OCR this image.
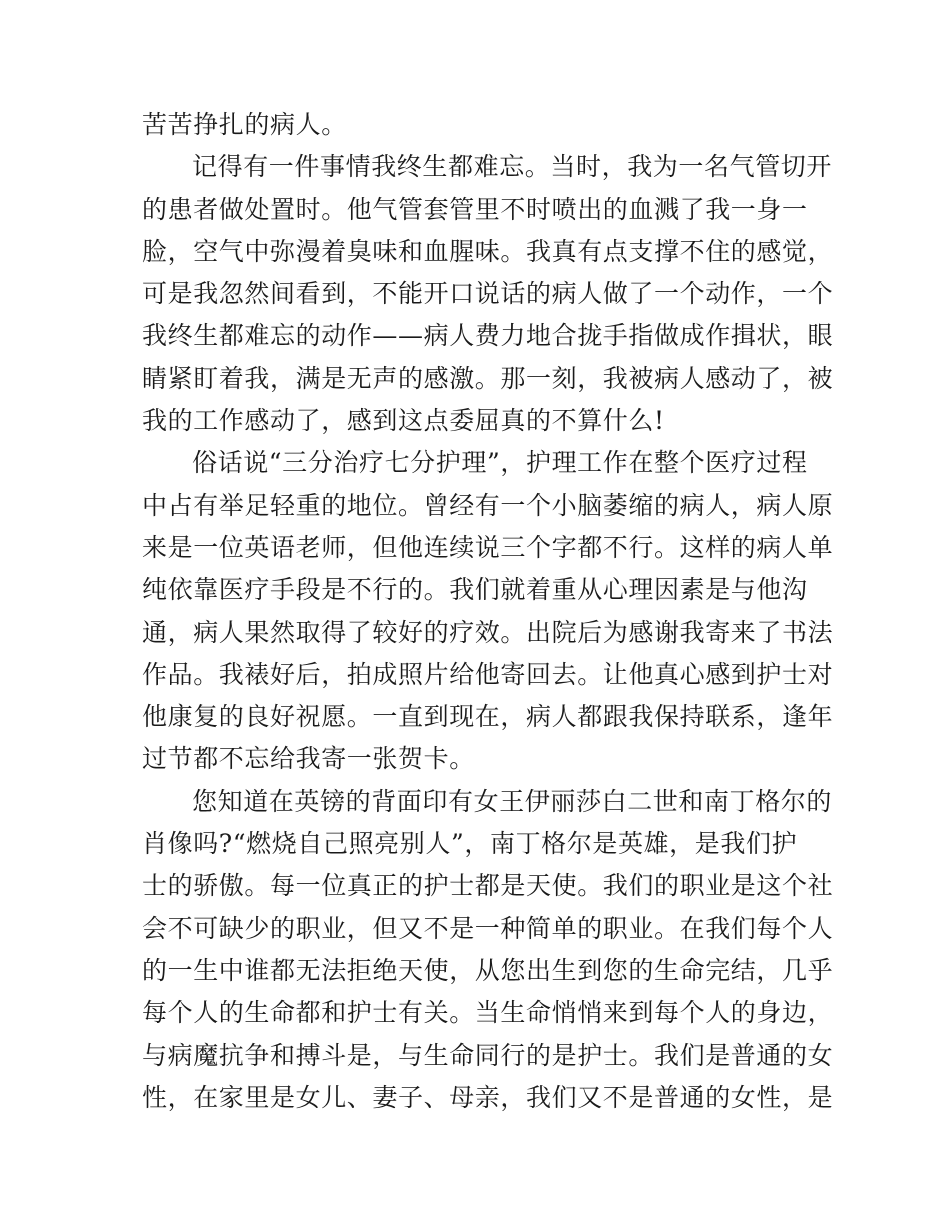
苦苦挣扎的病人。
记得有一件事情我终生都难忘。当时，我为一名气管切开
的患者做处置时。他气管套管里不时喷出的血溅了我一身一
脸，空气中弥漫着臭味和血腥味。我真有点支撑不住的感觉，
可是我忽然间看到，不能开口说话的病人做了一个动作，一个
我终生都难忘的动作——病人费力地合拢手指做成作揖状，眼
睛紧盯着我，满是无声的感激。那一刻，我被病人感动了，被
我的工作感动了，感到这点委屈真的不算什么!
俗话说“三分治疗七分护理”，护理工作在整个医疗过程
中占有举足轻重的地位。曾经有一个小脑萎缩的病人，病人原
来是一位英语老师，但他连续说三个字都不行。这样的病人单
纯依靠医疗手段是不行的。我们就着重从心理因素是与他沟
通，病人果然取得了较好的疗效。出院后为感谢我寄来了书法
作品。我裱好后，拍成照片给他寄回去。让他真心感到护士对
他康复的良好祝愿。一直到现在，病人都跟我保持联系，逢年
过节都不忘给我寄一张贺卡。
您知道在英镑的背面印有女王伊丽莎白二世和南丁格尔的
肖像吗?“燃烧自己照亮别人”，南丁格尔是英雄，是我们护
士的骄傲。每一位真正的护士都是天使。我们的职业是这个社
会不可缺少的职业，但又不是一种简单的职业。在我们每个人
的一生中谁都无法拒绝天使，从您出生到您的生命完结，几乎
每个人的生命都和护士有关。当生命悄悄来到每个人的身边，
与病魔抗争和搏斗是，与生命同行的是护士。我们是普通的女
性，在家里是女儿、妻子、母亲，我们又不是普通的女性，是
